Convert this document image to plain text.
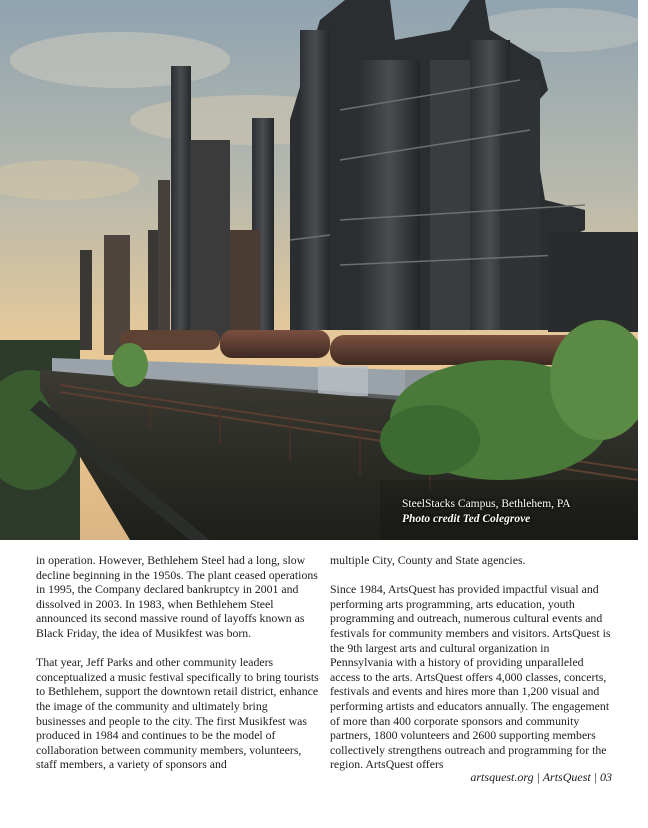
SteelStacks Campus, Bethlehem, PA
Photo credit Ted Colegrove

in operation. However, Bethlehem Steel had a long, slow decline beginning in the 1950s. The plant ceased operations in 1995, the Company declared bankruptcy in 2001 and dissolved in 2003. In 1983, when Bethlehem Steel announced its second massive round of layoffs known as Black Friday, the idea of Musikfest was born.

That year, Jeff Parks and other community leaders conceptualized a music festival specifically to bring tourists to Bethlehem, support the downtown retail district, enhance the image of the community and ultimately bring businesses and people to the city. The first Musikfest was produced in 1984 and continues to be the model of collaboration between community members, volunteers, staff members, a variety of sponsors and

multiple City, County and State agencies.

Since 1984, ArtsQuest has provided impactful visual and performing arts programming, arts education, youth programming and outreach, numerous cultural events and festivals for community members and visitors. ArtsQuest is the 9th largest arts and cultural organization in Pennsylvania with a history of providing unparalleled access to the arts. ArtsQuest offers 4,000 classes, concerts, festivals and events and hires more than 1,200 visual and performing artists and educators annually. The engagement of more than 400 corporate sponsors and community partners, 1800 volunteers and 2600 supporting members collectively strengthens outreach and programming for the region. ArtsQuest offers

artsquest.org | ArtsQuest | 03
